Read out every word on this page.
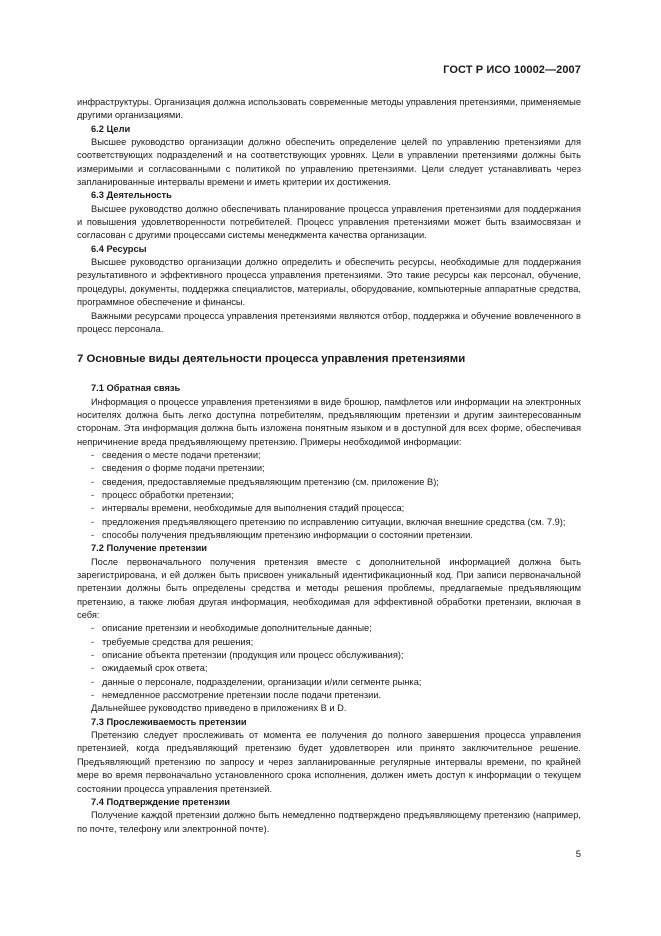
ГОСТ Р ИСО 10002—2007

инфраструктуры. Организация должна использовать современные методы управления претензиями, применяемые другими организациями.

6.2 Цели

Высшее руководство организации должно обеспечить определение целей по управлению претензиями для соответствующих подразделений и на соответствующих уровнях. Цели в управлении претензиями должны быть измеримыми и согласованными с политикой по управлению претензиями. Цели следует устанавливать через запланированные интервалы времени и иметь критерии их достижения.

6.3 Деятельность

Высшее руководство должно обеспечивать планирование процесса управления претензиями для поддержания и повышения удовлетворенности потребителей. Процесс управления претензиями может быть взаимосвязан и согласован с другими процессами системы менеджмента качества организации.

6.4 Ресурсы

Высшее руководство организации должно определить и обеспечить ресурсы, необходимые для поддержания результативного и эффективного процесса управления претензиями. Это такие ресурсы как персонал, обучение, процедуры, документы, поддержка специалистов, материалы, оборудование, компьютерные аппаратные средства, программное обеспечение и финансы.

Важными ресурсами процесса управления претензиями являются отбор, поддержка и обучение вовлеченного в процесс персонала.

7 Основные виды деятельности процесса управления претензиями

7.1 Обратная связь

Информация о процессе управления претензиями в виде брошюр, памфлетов или информации на электронных носителях должна быть легко доступна потребителям, предъявляющим претензии и другим заинтересованным сторонам. Эта информация должна быть изложена понятным языком и в доступной для всех форме, обеспечивая непричинение вреда предъявляющему претензию. Примеры необходимой информации:

- сведения о месте подачи претензии;
- сведения о форме подачи претензии;
- сведения, предоставляемые предъявляющим претензию (см. приложение В);
- процесс обработки претензии;
- интервалы времени, необходимые для выполнения стадий процесса;
- предложения предъявляющего претензию по исправлению ситуации, включая внешние средства (см. 7.9);
- способы получения предъявляющим претензию информации о состоянии претензии.

7.2 Получение претензии

После первоначального получения претензия вместе с дополнительной информацией должна быть зарегистрирована, и ей должен быть присвоен уникальный идентификационный код. При записи первоначальной претензии должны быть определены средства и методы решения проблемы, предлагаемые предъявляющим претензию, а также любая другая информация, необходимая для эффективной обработки претензии, включая в себя:

- описание претензии и необходимые дополнительные данные;
- требуемые средства для решения;
- описание объекта претензии (продукция или процесс обслуживания);
- ожидаемый срок ответа;
- данные о персонале, подразделении, организации и/или сегменте рынка;
- немедленное рассмотрение претензии после подачи претензии.

Дальнейшее руководство приведено в приложениях В и D.

7.3 Прослеживаемость претензии

Претензию следует прослеживать от момента ее получения до полного завершения процесса управления претензией, когда предъявляющий претензию будет удовлетворен или принято заключительное решение. Предъявляющий претензию по запросу и через запланированные регулярные интервалы времени, по крайней мере во время первоначально установленного срока исполнения, должен иметь доступ к информации о текущем состоянии процесса управления претензией.

7.4 Подтверждение претензии

Получение каждой претензии должно быть немедленно подтверждено предъявляющему претензию (например, по почте, телефону или электронной почте).

5
